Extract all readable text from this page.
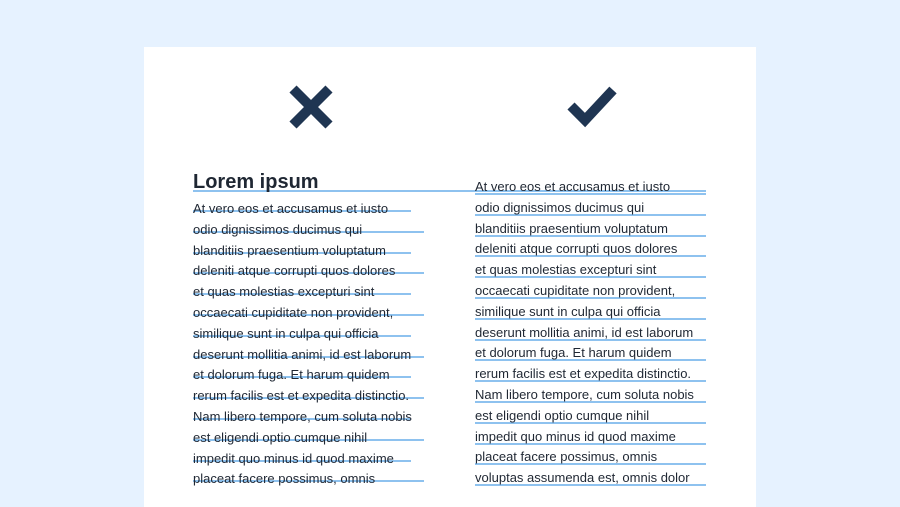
Lorem ipsum
At vero eos et accusamus et iusto
odio dignissimos ducimus qui
blanditiis praesentium voluptatum
deleniti atque corrupti quos dolores
et quas molestias excepturi sint
occaecati cupiditate non provident,
similique sunt in culpa qui officia
deserunt mollitia animi, id est laborum
et dolorum fuga. Et harum quidem
rerum facilis est et expedita distinctio.
Nam libero tempore, cum soluta nobis
est eligendi optio cumque nihil
impedit quo minus id quod maxime
placeat facere possimus, omnis
At vero eos et accusamus et iusto
odio dignissimos ducimus qui
blanditiis praesentium voluptatum
deleniti atque corrupti quos dolores
et quas molestias excepturi sint
occaecati cupiditate non provident,
similique sunt in culpa qui officia
deserunt mollitia animi, id est laborum
et dolorum fuga. Et harum quidem
rerum facilis est et expedita distinctio.
Nam libero tempore, cum soluta nobis
est eligendi optio cumque nihil
impedit quo minus id quod maxime
placeat facere possimus, omnis
voluptas assumenda est, omnis dolor
